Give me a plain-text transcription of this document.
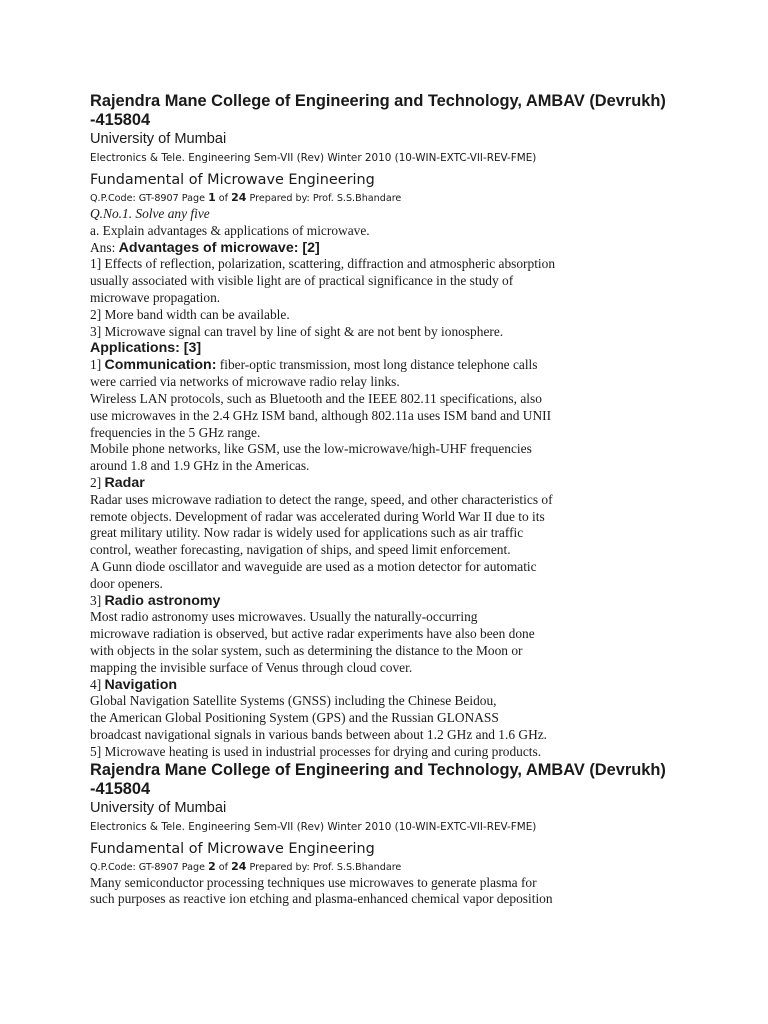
Rajendra Mane College of Engineering and Technology, AMBAV (Devrukh)
-415804
University of Mumbai
Electronics & Tele. Engineering Sem-VII (Rev) Winter 2010 (10-WIN-EXTC-VII-REV-FME)
Fundamental of Microwave Engineering
Q.P.Code: GT-8907 Page 1 of 24 Prepared by: Prof. S.S.Bhandare
Q.No.1. Solve any five
a. Explain advantages & applications of microwave.
Ans: Advantages of microwave: [2]
1] Effects of reflection, polarization, scattering, diffraction and atmospheric absorption
usually associated with visible light are of practical significance in the study of
microwave propagation.
2] More band width can be available.
3] Microwave signal can travel by line of sight & are not bent by ionosphere.
Applications: [3]
1] Communication: fiber-optic transmission, most long distance telephone calls
were carried via networks of microwave radio relay links.
Wireless LAN protocols, such as Bluetooth and the IEEE 802.11 specifications, also
use microwaves in the 2.4 GHz ISM band, although 802.11a uses ISM band and UNII
frequencies in the 5 GHz range.
Mobile phone networks, like GSM, use the low-microwave/high-UHF frequencies
around 1.8 and 1.9 GHz in the Americas.
2] Radar
Radar uses microwave radiation to detect the range, speed, and other characteristics of
remote objects. Development of radar was accelerated during World War II due to its
great military utility. Now radar is widely used for applications such as air traffic
control, weather forecasting, navigation of ships, and speed limit enforcement.
A Gunn diode oscillator and waveguide are used as a motion detector for automatic
door openers.
3] Radio astronomy
Most radio astronomy uses microwaves. Usually the naturally-occurring
microwave radiation is observed, but active radar experiments have also been done
with objects in the solar system, such as determining the distance to the Moon or
mapping the invisible surface of Venus through cloud cover.
4] Navigation
Global Navigation Satellite Systems (GNSS) including the Chinese Beidou,
the American Global Positioning System (GPS) and the Russian GLONASS
broadcast navigational signals in various bands between about 1.2 GHz and 1.6 GHz.
5] Microwave heating is used in industrial processes for drying and curing products.
Rajendra Mane College of Engineering and Technology, AMBAV (Devrukh)
-415804
University of Mumbai
Electronics & Tele. Engineering Sem-VII (Rev) Winter 2010 (10-WIN-EXTC-VII-REV-FME)
Fundamental of Microwave Engineering
Q.P.Code: GT-8907 Page 2 of 24 Prepared by: Prof. S.S.Bhandare
Many semiconductor processing techniques use microwaves to generate plasma for
such purposes as reactive ion etching and plasma-enhanced chemical vapor deposition
